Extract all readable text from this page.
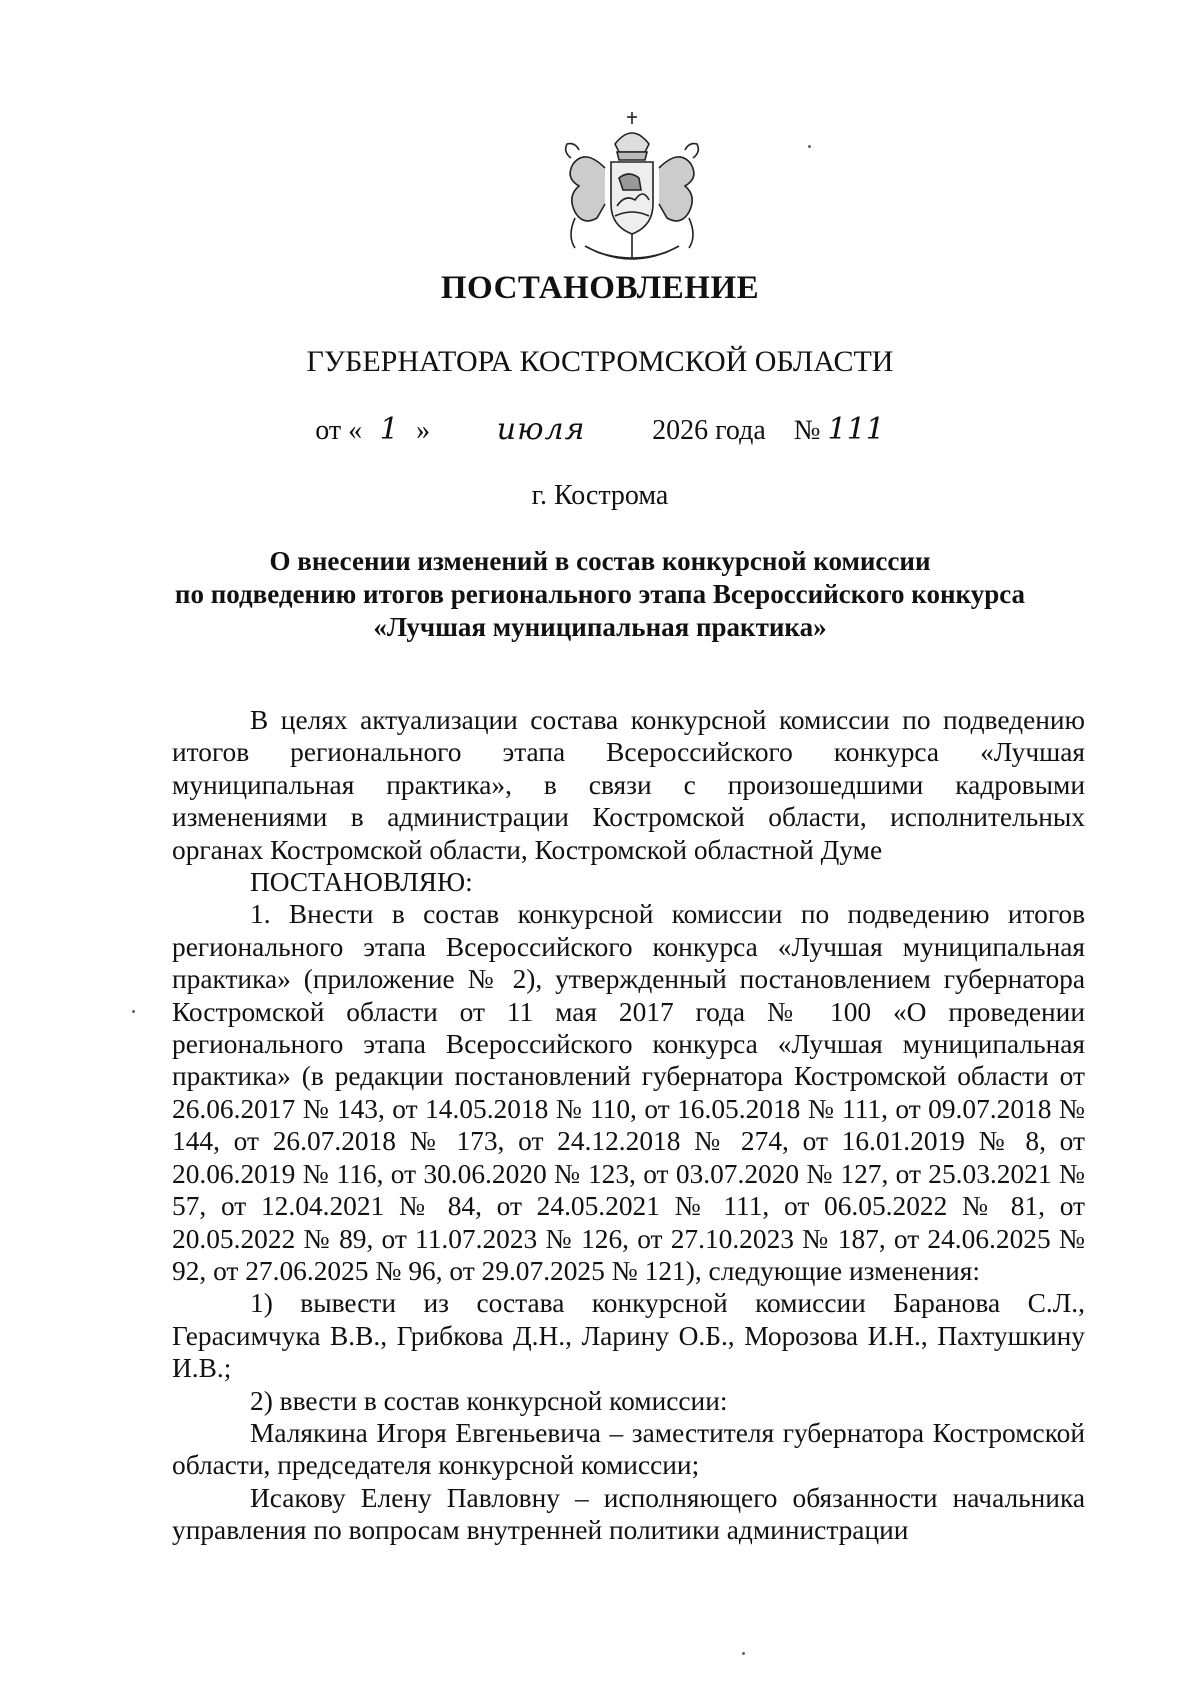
ПОСТАНОВЛЕНИЕ
ГУБЕРНАТОРА КОСТРОМСКОЙ ОБЛАСТИ
от « 1 » июля 2026 года № 111
г. Кострома
О внесении изменений в состав конкурсной комиссии
по подведению итогов регионального этапа Всероссийского конкурса
«Лучшая муниципальная практика»

В целях актуализации состава конкурсной комиссии по подведению итогов регионального этапа Всероссийского конкурса «Лучшая муниципальная практика», в связи с произошедшими кадровыми изменениями в администрации Костромской области, исполнительных органах Костромской области, Костромской областной Думе

ПОСТАНОВЛЯЮ:

1. Внести в состав конкурсной комиссии по подведению итогов регионального этапа Всероссийского конкурса «Лучшая муниципальная практика» (приложение № 2), утвержденный постановлением губернатора Костромской области от 11 мая 2017 года № 100 «О проведении регионального этапа Всероссийского конкурса «Лучшая муниципальная практика» (в редакции постановлений губернатора Костромской области от 26.06.2017 № 143, от 14.05.2018 № 110, от 16.05.2018 № 111, от 09.07.2018 № 144, от 26.07.2018 № 173, от 24.12.2018 № 274, от 16.01.2019 № 8, от 20.06.2019 № 116, от 30.06.2020 № 123, от 03.07.2020 № 127, от 25.03.2021 № 57, от 12.04.2021 № 84, от 24.05.2021 № 111, от 06.05.2022 № 81, от 20.05.2022 № 89, от 11.07.2023 № 126, от 27.10.2023 № 187, от 24.06.2025 № 92, от 27.06.2025 № 96, от 29.07.2025 № 121), следующие изменения:

1) вывести из состава конкурсной комиссии Баранова С.Л., Герасимчука В.В., Грибкова Д.Н., Ларину О.Б., Морозова И.Н., Пахтушкину И.В.;

2) ввести в состав конкурсной комиссии:

Малякина Игоря Евгеньевича – заместителя губернатора Костромской области, председателя конкурсной комиссии;

Исакову Елену Павловну – исполняющего обязанности начальника управления по вопросам внутренней политики администрации
